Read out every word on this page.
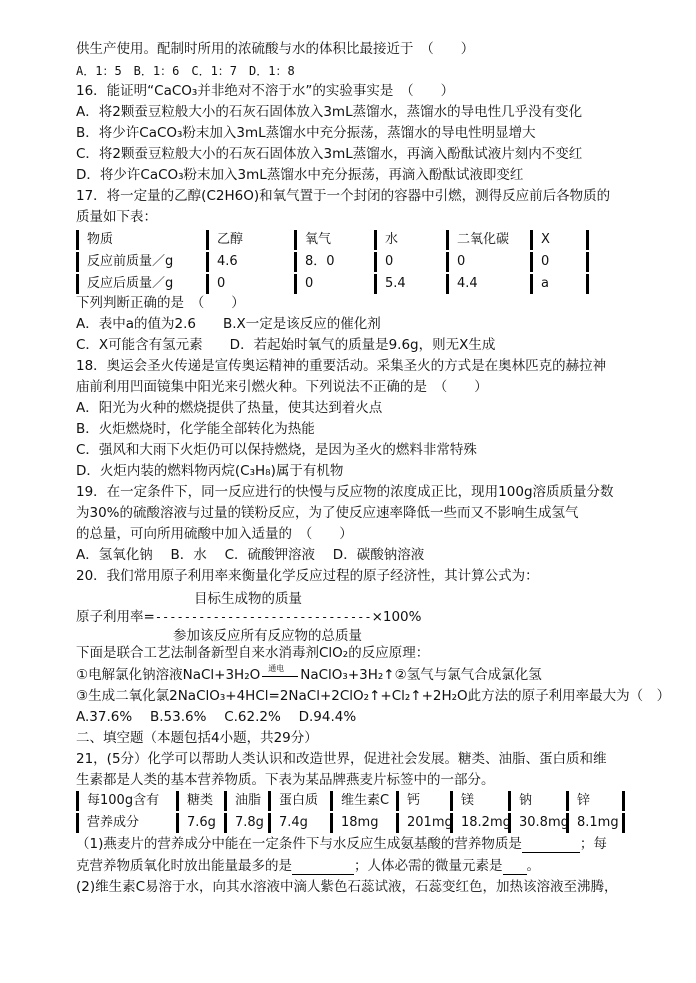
供生产使用。配制时所用的浓硫酸与水的体积比最接近于　（　　）
A．1：5　B．1：6　C．1：7　D．1：8
16．能证明“CaCO₃并非绝对不溶于水”的实验事实是　（　　）
A．将2颗蚕豆粒般大小的石灰石固体放入3mL蒸馏水，蒸馏水的导电性几乎没有变化
B．将少许CaCO₃粉末加入3mL蒸馏水中充分振荡，蒸馏水的导电性明显增大
C．将2颗蚕豆粒般大小的石灰石固体放入3mL蒸馏水，再滴入酚酞试液片刻内不变红
D．将少许CaCO₃粉末加入3mL蒸馏水中充分振荡，再滴入酚酞试液即变红
17．将一定量的乙醇(C2H6O)和氧气置于一个封闭的容器中引燃，测得反应前后各物质的
质量如下表：
物质	乙醇	氧气	水	二氧化碳	X
反应前质量／g	4.6	8．0	0	0	0
反应后质量／g	0	0	5.4	4.4	a
下列判断正确的是　（　　）
A．表中a的值为2.6　　B.X一定是该反应的催化剂
C．X可能含有氢元素　　D．若起始时氧气的质量是9.6g，则无X生成
18．奥运会圣火传递是宣传奥运精神的重要活动。采集圣火的方式是在奥林匹克的赫拉神
庙前利用凹面镜集中阳光来引燃火种。下列说法不正确的是　（　　）
A．阳光为火种的燃烧提供了热量，使其达到着火点
B．火炬燃烧时，化学能全部转化为热能
C．强风和大雨下火炬仍可以保持燃烧，是因为圣火的燃料非常特殊
D．火炬内装的燃料物丙烷(C₃H₈)属于有机物
19．在一定条件下，同一反应进行的快慢与反应物的浓度成正比，现用100g溶质质量分数
为30%的硫酸溶液与过量的镁粉反应，为了使反应速率降低一些而又不影响生成氢气
的总量，可向所用硫酸中加入适量的　（　　）
A．氢氧化钠　 B．水　 C．硫酸钾溶液　 D．碳酸钠溶液
20．我们常用原子利用率来衡量化学反应过程的原子经济性，其计算公式为：
目标生成物的质量
原子利用率=------------------------------×100%
参加该反应所有反应物的总质量
下面是联合工艺法制备新型自来水消毒剂ClO₂的反应原理：
①电解氯化钠溶液NaCl+3H₂O 通电 NaClO₃+3H₂↑②氢气与氯气合成氯化氢
③生成二氧化氯2NaClO₃+4HCl=2NaCl+2ClO₂↑+Cl₂↑+2H₂O此方法的原子利用率最大为（　）
A.37.6%　 B.53.6%　 C.62.2%　 D.94.4%
二、填空题（本题包括4小题，共29分）
21，(5分）化学可以帮助人类认识和改造世界，促进社会发展。糖类、油脂、蛋白质和维
生素都是人类的基本营养物质。下表为某品牌燕麦片标签中的一部分。
每100g含有	糖类	油脂	蛋白质	维生素C	钙	镁	钠	锌
营养成分	7.6g	7.8g	7.4g	18mg	201mg 18.2mg 30.8mg 8.1mg
（1)燕麦片的营养成分中能在一定条件下与水反应生成氨基酸的营养物质是	；每
克营养物质氧化时放出能量最多的是	；人体必需的微量元素是 。
(2)维生素C易溶于水，向其水溶液中滴人紫色石蕊试液，石蕊变红色，加热该溶液至沸腾，
